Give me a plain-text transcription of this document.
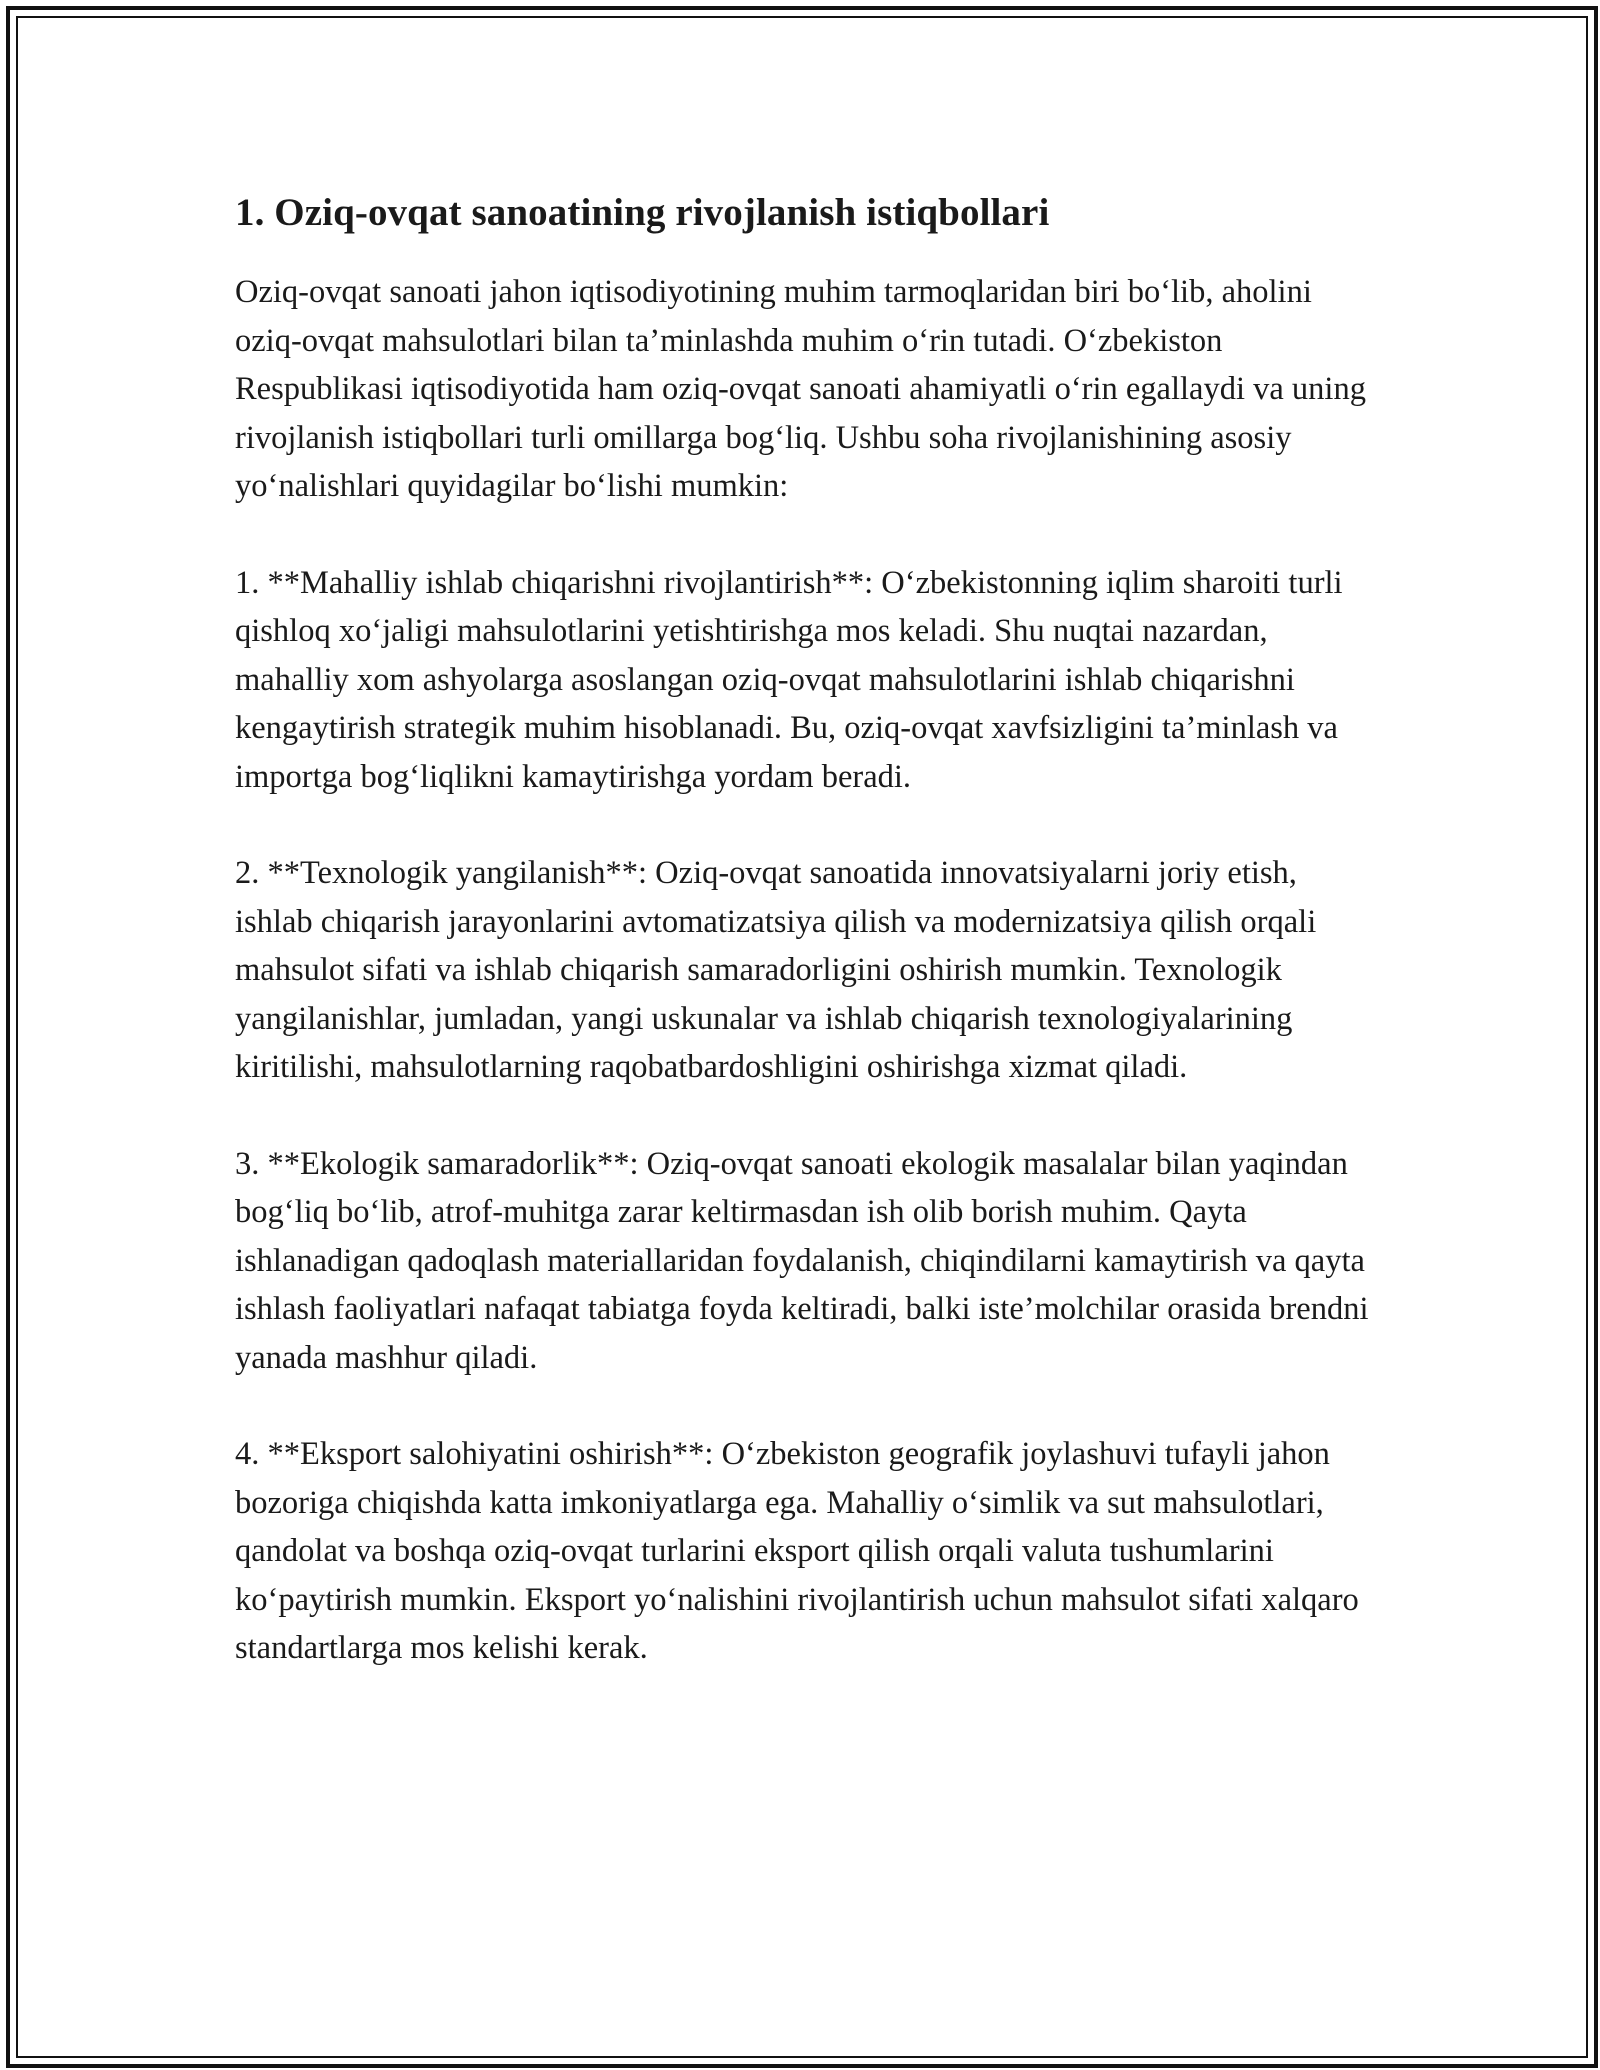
1. Oziq-ovqat sanoatining rivojlanish istiqbollari

Oziq-ovqat sanoati jahon iqtisodiyotining muhim tarmoqlaridan biri bo‘lib, aholini oziq-ovqat mahsulotlari bilan ta’minlashda muhim o‘rin tutadi. O‘zbekiston Respublikasi iqtisodiyotida ham oziq-ovqat sanoati ahamiyatli o‘rin egallaydi va uning rivojlanish istiqbollari turli omillarga bog‘liq. Ushbu soha rivojlanishining asosiy yo‘nalishlari quyidagilar bo‘lishi mumkin:

1. **Mahalliy ishlab chiqarishni rivojlantirish**: O‘zbekistonning iqlim sharoiti turli qishloq xo‘jaligi mahsulotlarini yetishtirishga mos keladi. Shu nuqtai nazardan, mahalliy xom ashyolarga asoslangan oziq-ovqat mahsulotlarini ishlab chiqarishni kengaytirish strategik muhim hisoblanadi. Bu, oziq-ovqat xavfsizligini ta’minlash va importga bog‘liqlikni kamaytirishga yordam beradi.

2. **Texnologik yangilanish**: Oziq-ovqat sanoatida innovatsiyalarni joriy etish, ishlab chiqarish jarayonlarini avtomatizatsiya qilish va modernizatsiya qilish orqali mahsulot sifati va ishlab chiqarish samaradorligini oshirish mumkin. Texnologik yangilanishlar, jumladan, yangi uskunalar va ishlab chiqarish texnologiyalarining kiritilishi, mahsulotlarning raqobatbardoshligini oshirishga xizmat qiladi.

3. **Ekologik samaradorlik**: Oziq-ovqat sanoati ekologik masalalar bilan yaqindan bog‘liq bo‘lib, atrof-muhitga zarar keltirmasdan ish olib borish muhim. Qayta ishlanadigan qadoqlash materiallaridan foydalanish, chiqindilarni kamaytirish va qayta ishlash faoliyatlari nafaqat tabiatga foyda keltiradi, balki iste’molchilar orasida brendni yanada mashhur qiladi.

4. **Eksport salohiyatini oshirish**: O‘zbekiston geografik joylashuvi tufayli jahon bozoriga chiqishda katta imkoniyatlarga ega. Mahalliy o‘simlik va sut mahsulotlari, qandolat va boshqa oziq-ovqat turlarini eksport qilish orqali valuta tushumlarini ko‘paytirish mumkin. Eksport yo‘nalishini rivojlantirish uchun mahsulot sifati xalqaro standartlarga mos kelishi kerak.
